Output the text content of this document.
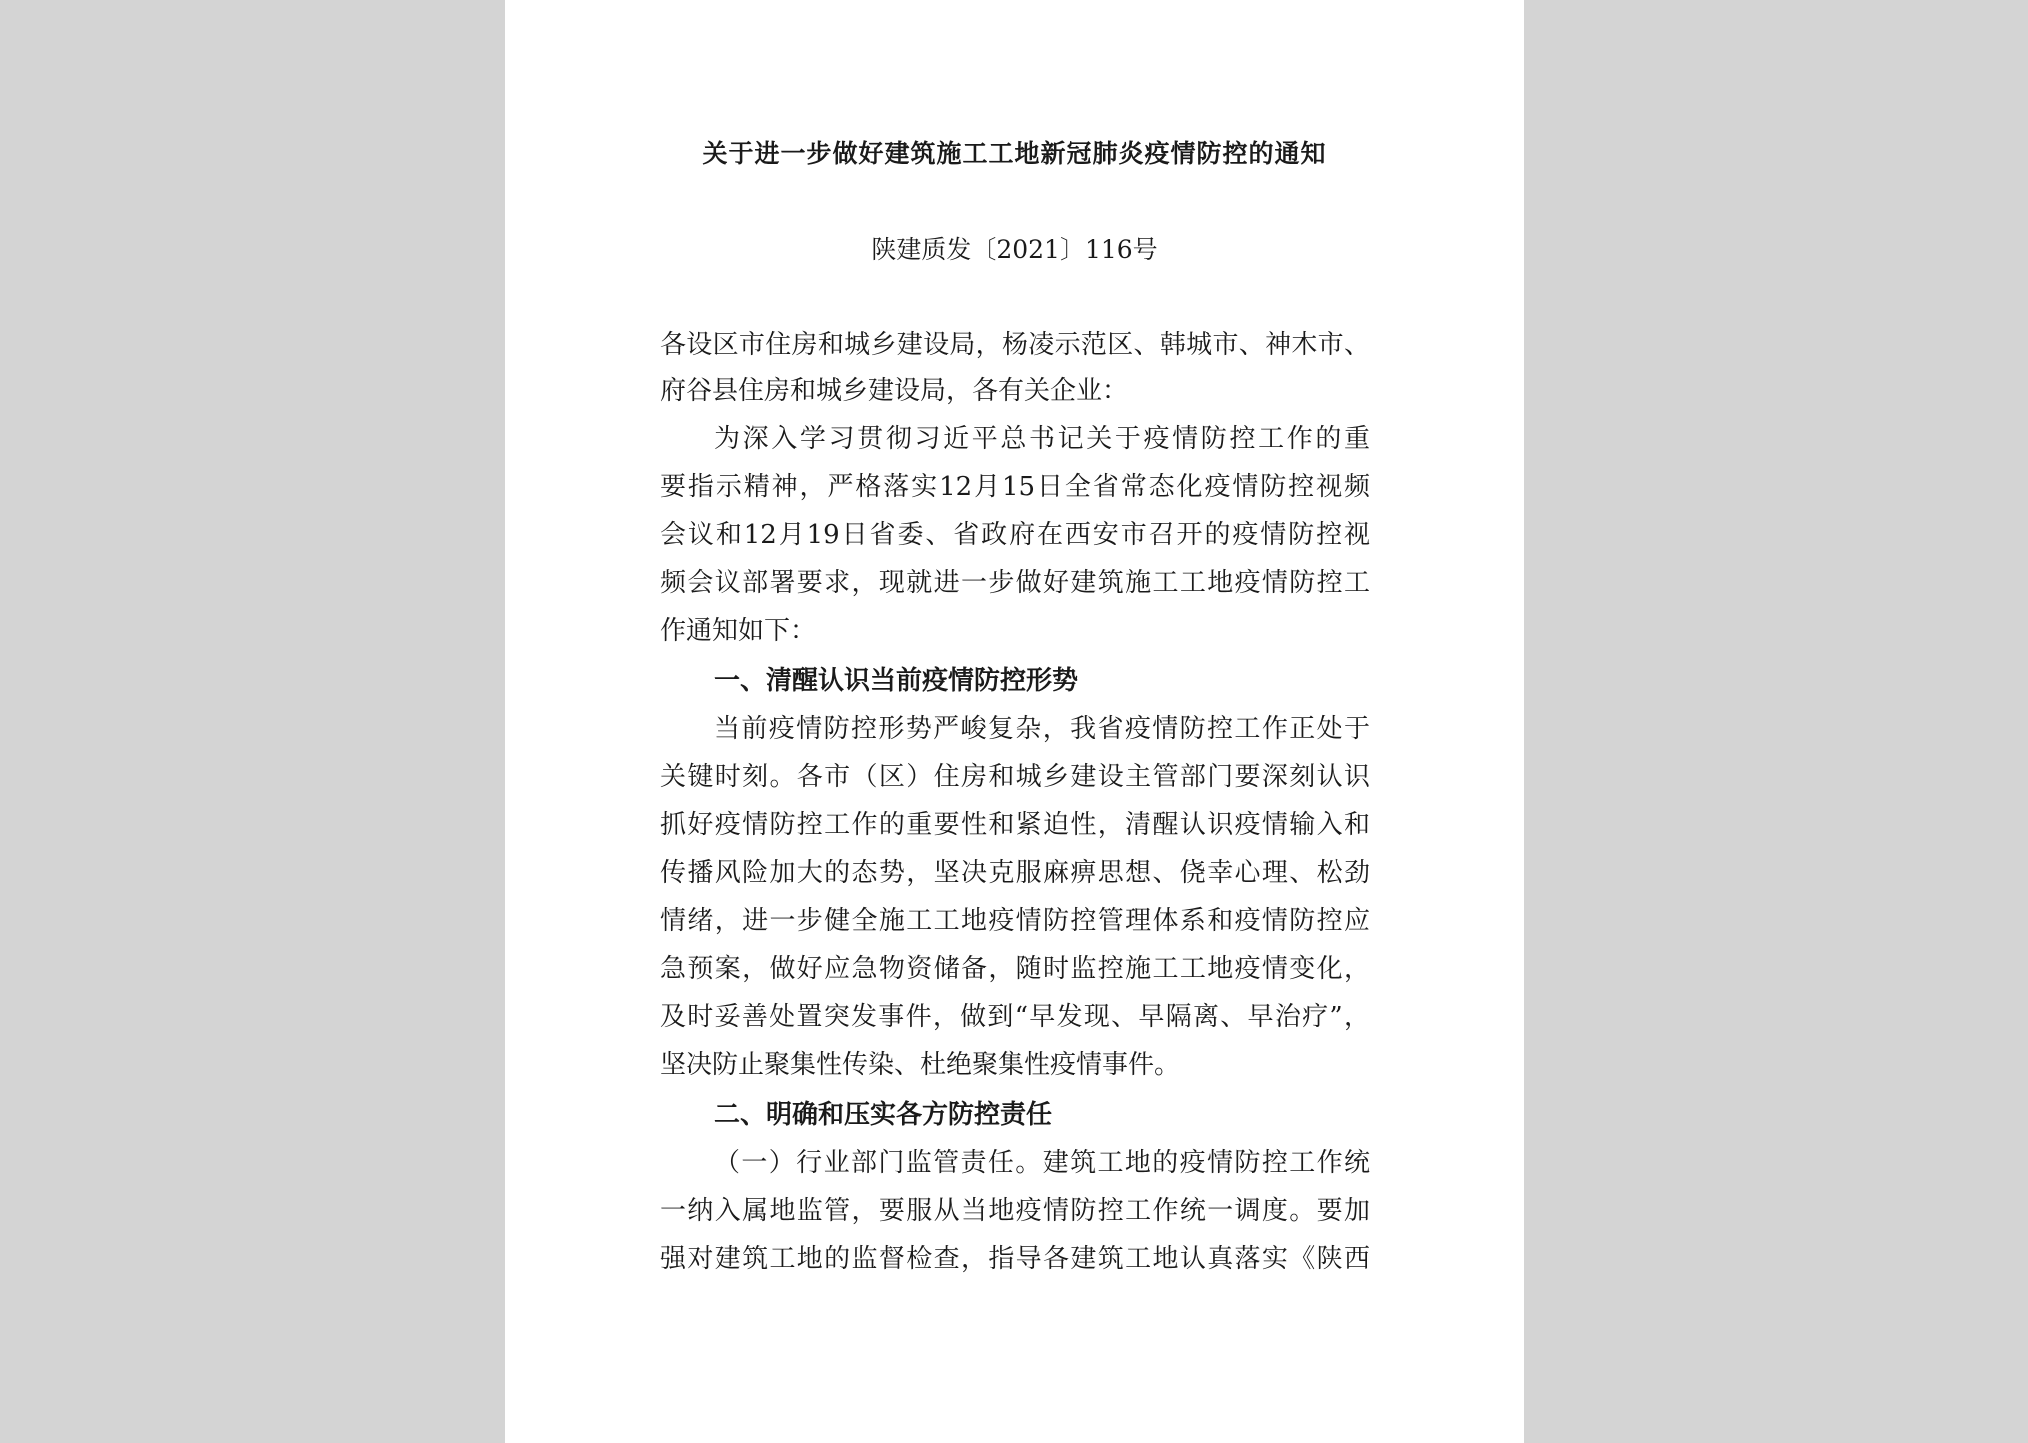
关于进一步做好建筑施工工地新冠肺炎疫情防控的通知
陕建质发〔2021〕116号
各设区市住房和城乡建设局，杨凌示范区、韩城市、神木市、
府谷县住房和城乡建设局，各有关企业：
为深入学习贯彻习近平总书记关于疫情防控工作的重
要指示精神，严格落实12月15日全省常态化疫情防控视频
会议和12月19日省委、省政府在西安市召开的疫情防控视
频会议部署要求，现就进一步做好建筑施工工地疫情防控工
作通知如下：
一、清醒认识当前疫情防控形势
当前疫情防控形势严峻复杂，我省疫情防控工作正处于
关键时刻。各市（区）住房和城乡建设主管部门要深刻认识
抓好疫情防控工作的重要性和紧迫性，清醒认识疫情输入和
传播风险加大的态势，坚决克服麻痹思想、侥幸心理、松劲
情绪，进一步健全施工工地疫情防控管理体系和疫情防控应
急预案，做好应急物资储备，随时监控施工工地疫情变化，
及时妥善处置突发事件，做到“早发现、早隔离、早治疗”，
坚决防止聚集性传染、杜绝聚集性疫情事件。
二、明确和压实各方防控责任
（一）行业部门监管责任。建筑工地的疫情防控工作统
一纳入属地监管，要服从当地疫情防控工作统一调度。要加
强对建筑工地的监督检查，指导各建筑工地认真落实《陕西
